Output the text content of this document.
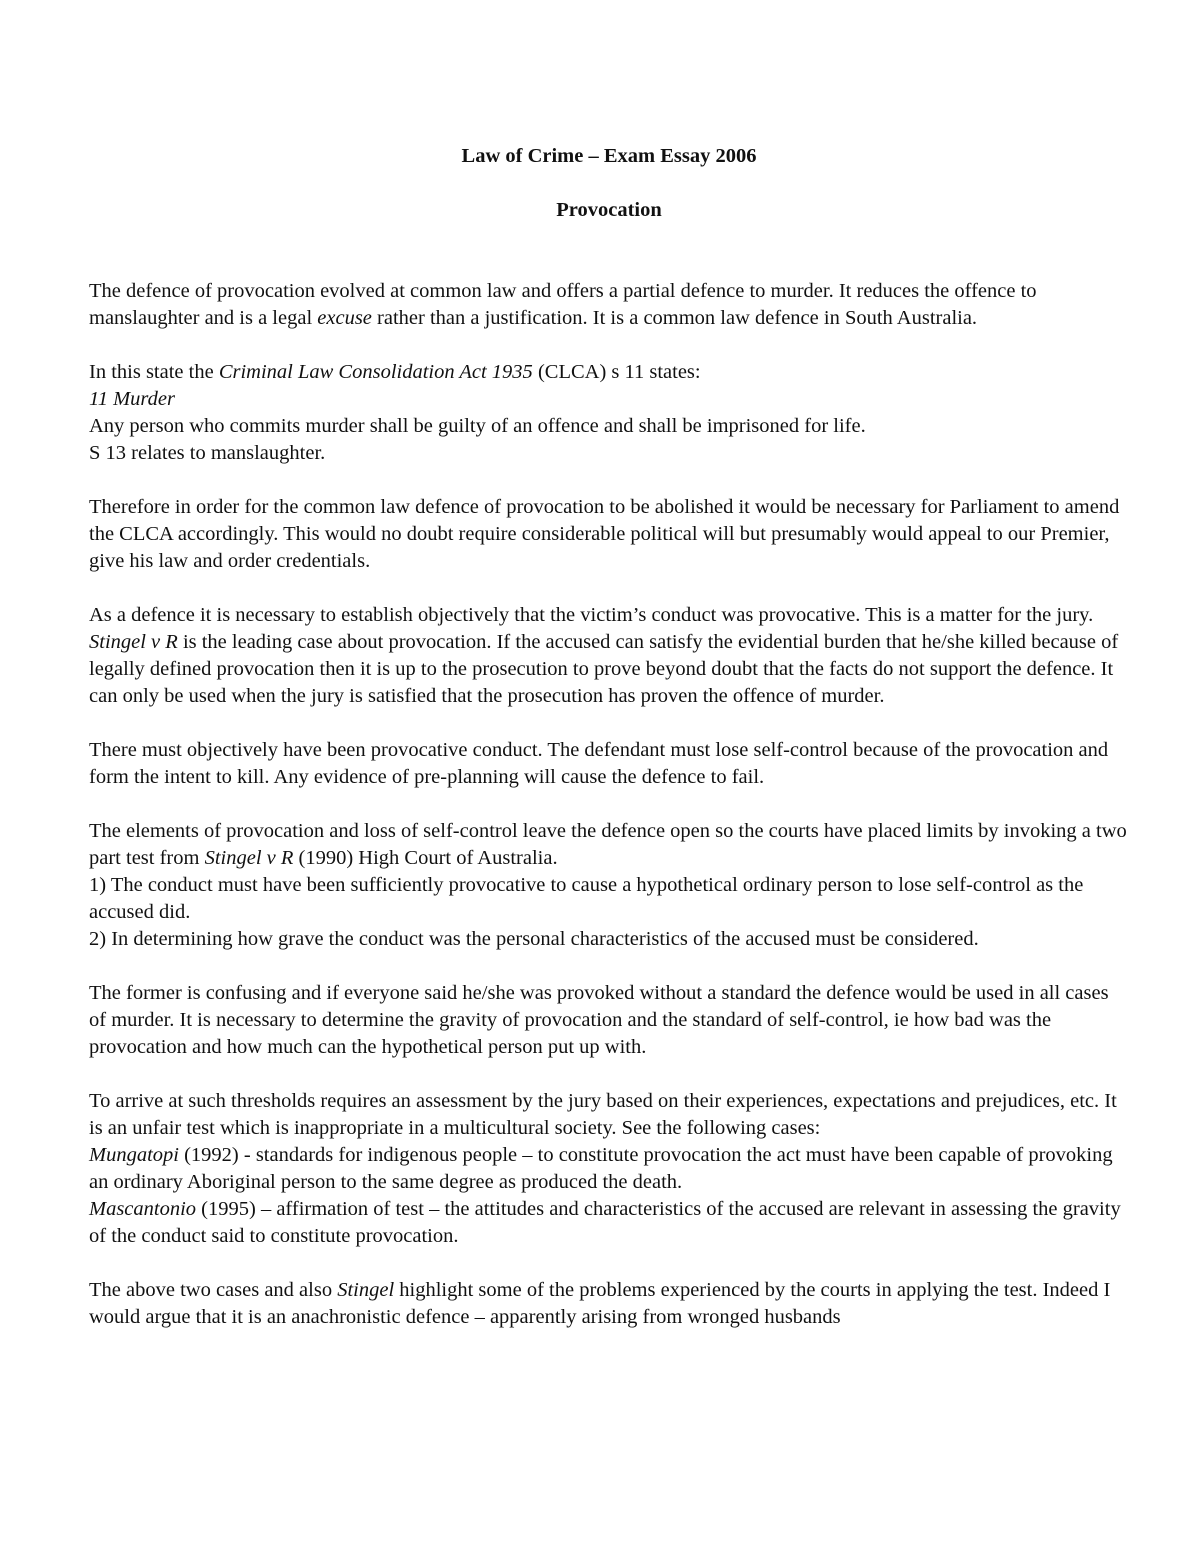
Law of Crime – Exam Essay 2006

Provocation

The defence of provocation evolved at common law and offers a partial defence to murder. It reduces the offence to manslaughter and is a legal excuse rather than a justification. It is a common law defence in South Australia.

In this state the Criminal Law Consolidation Act 1935 (CLCA) s 11 states:
11 Murder
Any person who commits murder shall be guilty of an offence and shall be imprisoned for life.
S 13 relates to manslaughter.

Therefore in order for the common law defence of provocation to be abolished it would be necessary for Parliament to amend the CLCA accordingly. This would no doubt require considerable political will but presumably would appeal to our Premier, give his law and order credentials.

As a defence it is necessary to establish objectively that the victim’s conduct was provocative. This is a matter for the jury. Stingel v R is the leading case about provocation. If the accused can satisfy the evidential burden that he/she killed because of legally defined provocation then it is up to the prosecution to prove beyond doubt that the facts do not support the defence. It can only be used when the jury is satisfied that the prosecution has proven the offence of murder.

There must objectively have been provocative conduct. The defendant must lose self-control because of the provocation and form the intent to kill. Any evidence of pre-planning will cause the defence to fail.

The elements of provocation and loss of self-control leave the defence open so the courts have placed limits by invoking a two part test from Stingel v R (1990) High Court of Australia.
1) The conduct must have been sufficiently provocative to cause a hypothetical ordinary person to lose self-control as the accused did.
2) In determining how grave the conduct was the personal characteristics of the accused must be considered.

The former is confusing and if everyone said he/she was provoked without a standard the defence would be used in all cases of murder. It is necessary to determine the gravity of provocation and the standard of self-control, ie how bad was the provocation and how much can the hypothetical person put up with.

To arrive at such thresholds requires an assessment by the jury based on their experiences, expectations and prejudices, etc. It is an unfair test which is inappropriate in a multicultural society. See the following cases:
Mungatopi (1992) - standards for indigenous people – to constitute provocation the act must have been capable of provoking an ordinary Aboriginal person to the same degree as produced the death.
Mascantonio (1995) – affirmation of test – the attitudes and characteristics of the accused are relevant in assessing the gravity of the conduct said to constitute provocation.

The above two cases and also Stingel highlight some of the problems experienced by the courts in applying the test. Indeed I would argue that it is an anachronistic defence – apparently arising from wronged husbands
